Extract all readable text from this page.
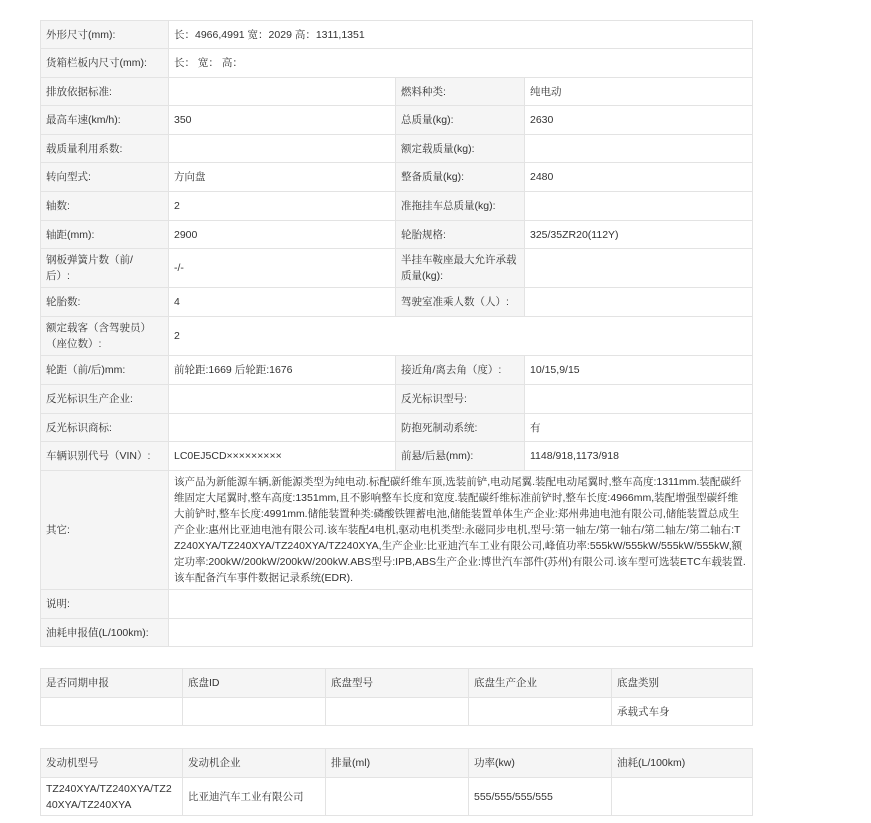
外形尺寸(mm):	长：4966,4991 宽：2029 高：1311,1351		
货箱栏板内尺寸(mm):	长： 宽： 高：		
排放依据标准:		燃料种类:	纯电动
最高车速(km/h):	350	总质量(kg):	2630
载质量利用系数:		额定载质量(kg):	
转向型式:	方向盘	整备质量(kg):	2480
轴数:	2	准拖挂车总质量(kg):	
轴距(mm):	2900	轮胎规格:	325/35ZR20(112Y)
钢板弹簧片数（前/后）:	-/-	半挂车鞍座最大允许承载质量(kg):	
轮胎数:	4	驾驶室准乘人数（人）:	
额定载客（含驾驶员）（座位数）:	2		
轮距（前/后)mm:	前轮距:1669 后轮距:1676	接近角/离去角（度）:	10/15,9/15
反光标识生产企业:		反光标识型号:	
反光标识商标:		防抱死制动系统:	有
车辆识别代号（VIN）:	LC0EJ5CD×××××××××	前悬/后悬(mm):	1148/918,1173/918
其它:	该产品为新能源车辆,新能源类型为纯电动.标配碳纤维车顶,选装前铲,电动尾翼.装配电动尾翼时,整车高度:1311mm.装配碳纤维固定大尾翼时,整车高度:1351mm,且不影响整车长度和宽度.装配碳纤维标准前铲时,整车长度:4966mm,装配增强型碳纤维大前铲时,整车长度:4991mm.储能装置种类:磷酸铁锂蓄电池,储能装置单体生产企业:郑州弗迪电池有限公司,储能装置总成生产企业:惠州比亚迪电池有限公司.该车装配4电机,驱动电机类型:永磁同步电机,型号:第一轴左/第一轴右/第二轴左/第二轴右:TZ240XYA/TZ240XYA/TZ240XYA/TZ240XYA,生产企业:比亚迪汽车工业有限公司,峰值功率:555kW/555kW/555kW/555kW,额定功率:200kW/200kW/200kW/200kW.ABS型号:IPB,ABS生产企业:博世汽车部件(苏州)有限公司.该车型可选装ETC车载装置.该车配备汽车事件数据记录系统(EDR).		
说明:			
油耗申报值(L/100km):			
是否同期申报	底盘ID	底盘型号	底盘生产企业	底盘类别
				承载式车身
发动机型号	发动机企业	排量(ml)	功率(kw)	油耗(L/100km)
TZ240XYA/TZ240XYA/TZ240XYA/TZ240XYA	比亚迪汽车工业有限公司		555/555/555/555	
